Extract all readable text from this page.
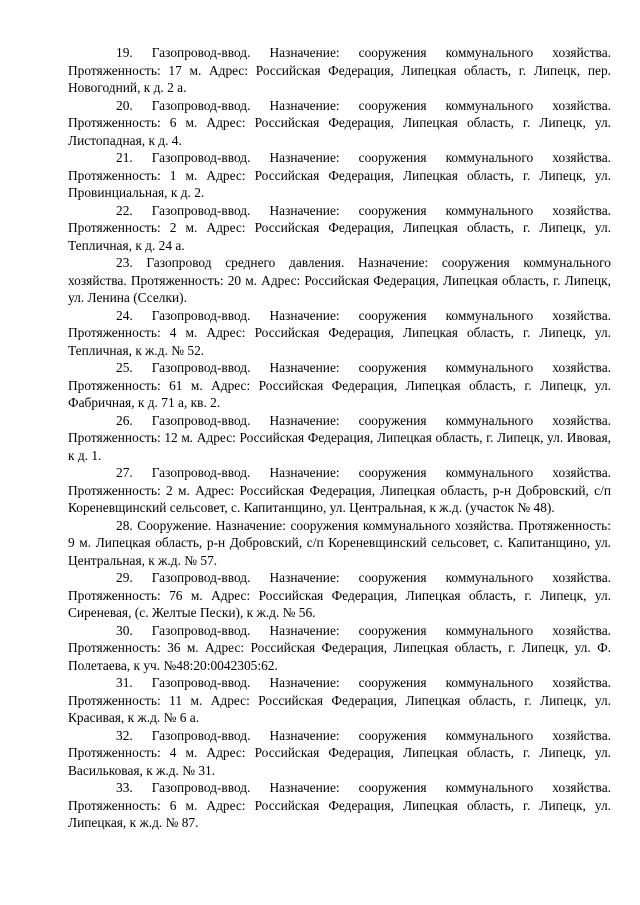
19. Газопровод-ввод. Назначение: сооружения коммунального хозяйства. Протяженность: 17 м. Адрес: Российская Федерация, Липецкая область, г. Липецк, пер. Новогодний, к д. 2 а.

20. Газопровод-ввод. Назначение: сооружения коммунального хозяйства. Протяженность: 6 м. Адрес: Российская Федерация, Липецкая область, г. Липецк, ул. Листопадная, к д. 4.

21. Газопровод-ввод. Назначение: сооружения коммунального хозяйства. Протяженность: 1 м. Адрес: Российская Федерация, Липецкая область, г. Липецк, ул. Провинциальная, к д. 2.

22. Газопровод-ввод. Назначение: сооружения коммунального хозяйства. Протяженность: 2 м. Адрес: Российская Федерация, Липецкая область, г. Липецк, ул. Тепличная, к д. 24 а.

23. Газопровод среднего давления. Назначение: сооружения коммунального хозяйства. Протяженность: 20 м. Адрес: Российская Федерация, Липецкая область, г. Липецк, ул. Ленина (Сселки).

24. Газопровод-ввод. Назначение: сооружения коммунального хозяйства. Протяженность: 4 м. Адрес: Российская Федерация, Липецкая область, г. Липецк, ул. Тепличная, к ж.д. № 52.

25. Газопровод-ввод. Назначение: сооружения коммунального хозяйства. Протяженность: 61 м. Адрес: Российская Федерация, Липецкая область, г. Липецк, ул. Фабричная, к д. 71 а, кв. 2.

26. Газопровод-ввод. Назначение: сооружения коммунального хозяйства. Протяженность: 12 м. Адрес: Российская Федерация, Липецкая область, г. Липецк, ул. Ивовая, к д. 1.

27. Газопровод-ввод. Назначение: сооружения коммунального хозяйства. Протяженность: 2 м. Адрес: Российская Федерация, Липецкая область, р-н Добровский, с/п Кореневщинский сельсовет, с. Капитанщино, ул. Центральная, к ж.д. (участок № 48).

28. Сооружение. Назначение: сооружения коммунального хозяйства. Протяженность: 9 м. Липецкая область, р-н Добровский, с/п Кореневщинский сельсовет, с. Капитанщино, ул. Центральная, к ж.д. № 57.

29. Газопровод-ввод. Назначение: сооружения коммунального хозяйства. Протяженность: 76 м. Адрес: Российская Федерация, Липецкая область, г. Липецк, ул. Сиреневая, (с. Желтые Пески), к ж.д. № 56.

30. Газопровод-ввод. Назначение: сооружения коммунального хозяйства. Протяженность: 36 м. Адрес: Российская Федерация, Липецкая область, г. Липецк, ул. Ф. Полетаева, к уч. №48:20:0042305:62.

31. Газопровод-ввод. Назначение: сооружения коммунального хозяйства. Протяженность: 11 м. Адрес: Российская Федерация, Липецкая область, г. Липецк, ул. Красивая, к ж.д. № 6 а.

32. Газопровод-ввод. Назначение: сооружения коммунального хозяйства. Протяженность: 4 м. Адрес: Российская Федерация, Липецкая область, г. Липецк, ул. Васильковая, к ж.д. № 31.

33. Газопровод-ввод. Назначение: сооружения коммунального хозяйства. Протяженность: 6 м. Адрес: Российская Федерация, Липецкая область, г. Липецк, ул. Липецкая, к ж.д. № 87.
